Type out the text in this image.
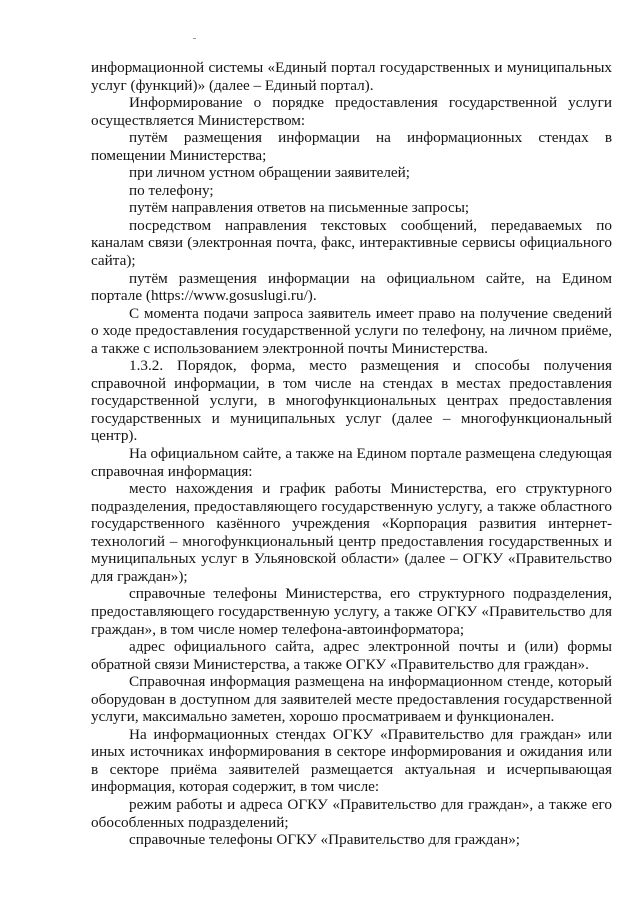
информационной системы «Единый портал государственных и муниципальных услуг (функций)» (далее – Единый портал).

Информирование о порядке предоставления государственной услуги осуществляется Министерством:

путём размещения информации на информационных стендах в помещении Министерства;

при личном устном обращении заявителей;

по телефону;

путём направления ответов на письменные запросы;

посредством направления текстовых сообщений, передаваемых по каналам связи (электронная почта, факс, интерактивные сервисы официального сайта);

путём размещения информации на официальном сайте, на Едином портале (https://www.gosuslugi.ru/).

С момента подачи запроса заявитель имеет право на получение сведений о ходе предоставления государственной услуги по телефону, на личном приёме, а также с использованием электронной почты Министерства.

1.3.2. Порядок, форма, место размещения и способы получения справочной информации, в том числе на стендах в местах предоставления государственной услуги, в многофункциональных центрах предоставления государственных и муниципальных услуг (далее – многофункциональный центр).

На официальном сайте, а также на Едином портале размещена следующая справочная информация:

место нахождения и график работы Министерства, его структурного подразделения, предоставляющего государственную услугу, а также областного государственного казённого учреждения «Корпорация развития интернет-технологий – многофункциональный центр предоставления государственных и муниципальных услуг в Ульяновской области» (далее – ОГКУ «Правительство для граждан»);

справочные телефоны Министерства, его структурного подразделения, предоставляющего государственную услугу, а также ОГКУ «Правительство для граждан», в том числе номер телефона-автоинформатора;

адрес официального сайта, адрес электронной почты и (или) формы обратной связи Министерства, а также ОГКУ «Правительство для граждан».

Справочная информация размещена на информационном стенде, который оборудован в доступном для заявителей месте предоставления государственной услуги, максимально заметен, хорошо просматриваем и функционален.

На информационных стендах ОГКУ «Правительство для граждан» или иных источниках информирования в секторе информирования и ожидания или в секторе приёма заявителей размещается актуальная и исчерпывающая информация, которая содержит, в том числе:

режим работы и адреса ОГКУ «Правительство для граждан», а также его обособленных подразделений;

справочные телефоны ОГКУ «Правительство для граждан»;
